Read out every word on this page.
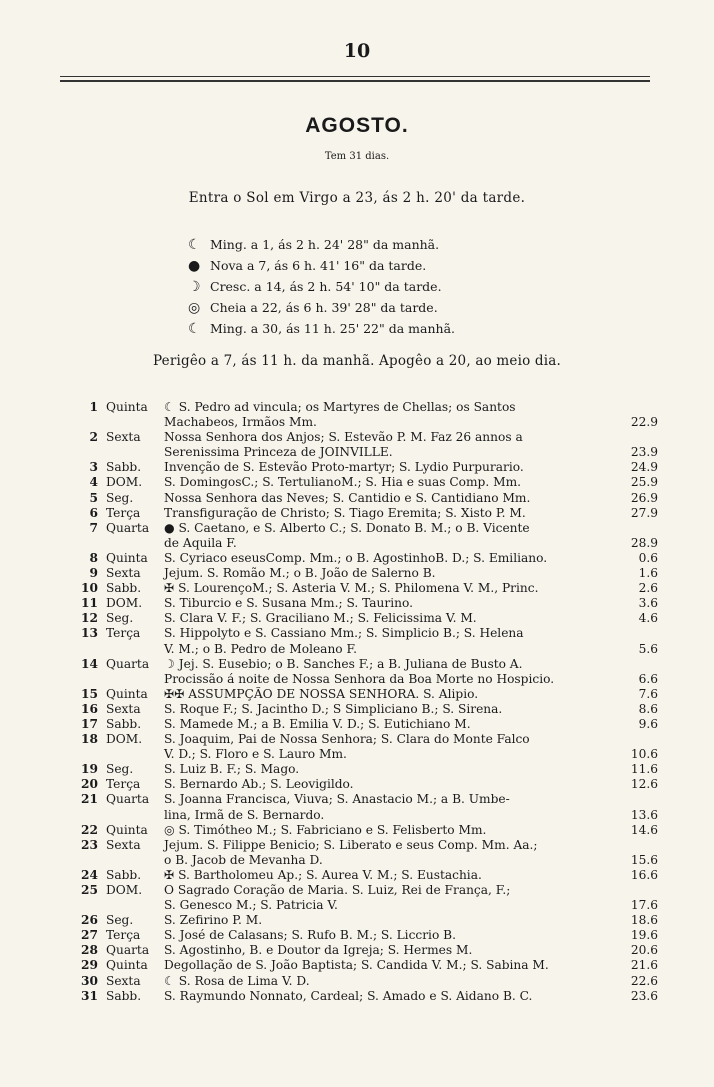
10
AGOSTO.
Tem 31 dias.
Entra o Sol em Virgo a 23, ás 2 h. 20' da tarde.
☾ Ming. a 1, ás 2 h. 24' 28" da manhã.
● Nova a 7, ás 6 h. 41' 16" da tarde.
☽ Cresc. a 14, ás 2 h. 54' 10" da tarde.
◎ Cheia a 22, ás 6 h. 39' 28" da tarde.
☾ Ming. a 30, ás 11 h. 25' 22" da manhã.
Perigêo a 7, ás 11 h. da manhã. Apogêo a 20, ao meio dia.
1 Quinta	☾ S. Pedro ad vincula; os Martyres de Chellas; os Santos
Machabeos, Irmãos Mm.	22.9
2 Sexta	Nossa Senhora dos Anjos; S. Estevão P. M. Faz 26 annos a
Serenissima Princeza de JOINVILLE.	23.9
3 Sabb.	Invenção de S. Estevão Proto-martyr; S. Lydio Purpurario.	24.9
4 DOM.	S. DomingosC.; S. TertulianoM.; S. Hia e suas Comp. Mm.	25.9
5 Seg.	Nossa Senhora das Neves; S. Cantidio e S. Cantidiano Mm.	26.9
6 Terça	Transfiguração de Christo; S. Tiago Eremita; S. Xisto P. M.	27.9
7 Quarta	● S. Caetano, e S. Alberto C.; S. Donato B. M.; o B. Vicente
de Aquila F.	28.9
8 Quinta	S. Cyriaco eseusComp. Mm.; o B. AgostinhoB. D.; S. Emiliano.	0.6
9 Sexta	Jejum. S. Romão M.; o B. João de Salerno B.	1.6
10 Sabb.	✠ S. LourençoM.; S. Asteria V. M.; S. Philomena V. M., Princ.	2.6
11 DOM.	S. Tiburcio e S. Susana Mm.; S. Taurino.	3.6
12 Seg.	S. Clara V. F.; S. Graciliano M.; S. Felicissima V. M.	4.6
13 Terça	S. Hippolyto e S. Cassiano Mm.; S. Simplicio B.; S. Helena
V. M.; o B. Pedro de Moleano F.	5.6
14 Quarta	☽ Jej. S. Eusebio; o B. Sanches F.; a B. Juliana de Busto A.
Procissão á noite de Nossa Senhora da Boa Morte no Hospicio.	6.6
15 Quinta	✠✠ ASSUMPÇÃO DE NOSSA SENHORA. S. Alipio.	7.6
16 Sexta	S. Roque F.; S. Jacintho D.; S Simpliciano B.; S. Sirena.	8.6
17 Sabb.	S. Mamede M.; a B. Emilia V. D.; S. Eutichiano M.	9.6
18 DOM.	S. Joaquim, Pai de Nossa Senhora; S. Clara do Monte Falco
V. D.; S. Floro e S. Lauro Mm.	10.6
19 Seg.	S. Luiz B. F.; S. Mago.	11.6
20 Terça	S. Bernardo Ab.; S. Leovigildo.	12.6
21 Quarta	S. Joanna Francisca, Viuva; S. Anastacio M.; a B. Umbe-
lina, Irmã de S. Bernardo.	13.6
22 Quinta	◎ S. Timótheo M.; S. Fabriciano e S. Felisberto Mm.	14.6
23 Sexta	Jejum. S. Filippe Benicio; S. Liberato e seus Comp. Mm. Aa.;
o B. Jacob de Mevanha D.	15.6
24 Sabb.	✠ S. Bartholomeu Ap.; S. Aurea V. M.; S. Eustachia.	16.6
25 DOM.	O Sagrado Coração de Maria. S. Luiz, Rei de França, F.;
S. Genesco M.; S. Patricia V.	17.6
26 Seg.	S. Zefirino P. M.	18.6
27 Terça	S. José de Calasans; S. Rufo B. M.; S. Liccrio B.	19.6
28 Quarta	S. Agostinho, B. e Doutor da Igreja; S. Hermes M.	20.6
29 Quinta	Degollação de S. João Baptista; S. Candida V. M.; S. Sabina M.	21.6
30 Sexta	☾ S. Rosa de Lima V. D.	22.6
31 Sabb.	S. Raymundo Nonnato, Cardeal; S. Amado e S. Aidano B. C.	23.6
